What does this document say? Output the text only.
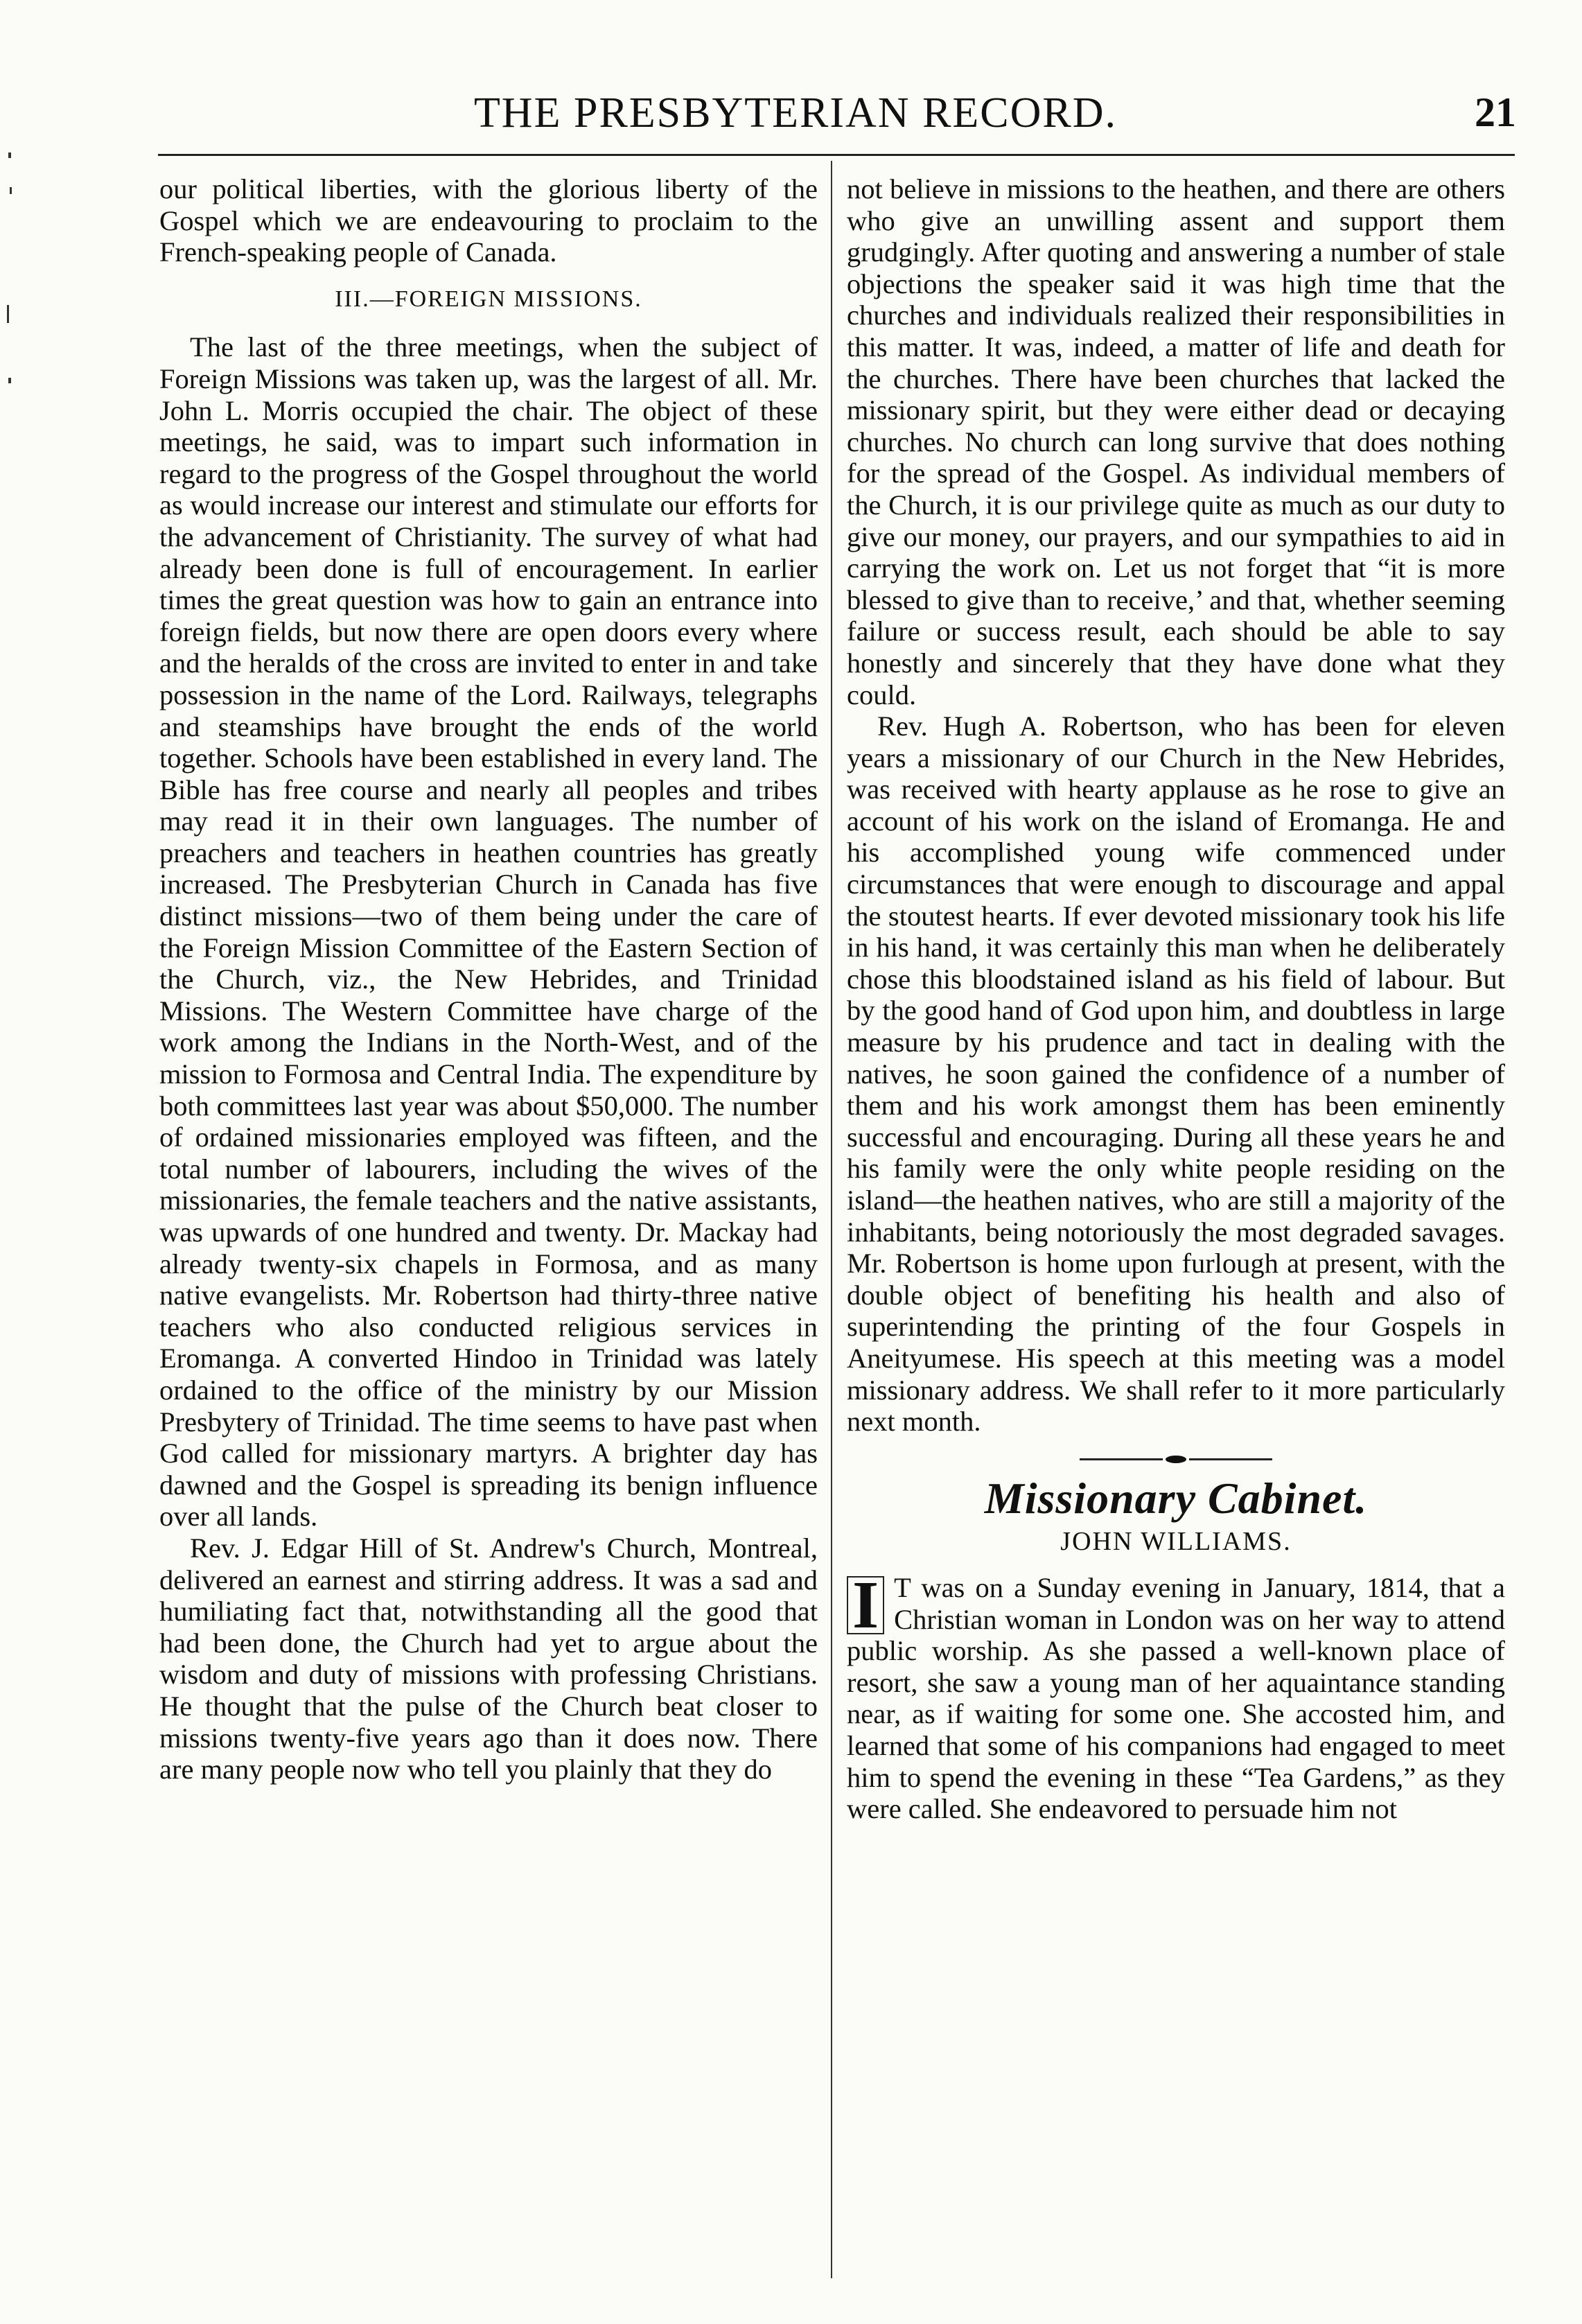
THE PRESBYTERIAN RECORD.	21

our political liberties, with the glorious liberty of the Gospel which we are endeavouring to proclaim to the French-speaking people of Canada.

III.—FOREIGN MISSIONS.

The last of the three meetings, when the subject of Foreign Missions was taken up, was the largest of all. Mr. John L. Morris occupied the chair. The object of these meetings, he said, was to impart such information in regard to the progress of the Gospel throughout the world as would increase our interest and stimulate our efforts for the advancement of Christianity. The survey of what had already been done is full of encouragement. In earlier times the great question was how to gain an entrance into foreign fields, but now there are open doors every where and the heralds of the cross are invited to enter in and take possession in the name of the Lord. Railways, telegraphs and steamships have brought the ends of the world together. Schools have been established in every land. The Bible has free course and nearly all peoples and tribes may read it in their own languages. The number of preachers and teachers in heathen countries has greatly increased. The Presbyterian Church in Canada has five distinct missions—two of them being under the care of the Foreign Mission Committee of the Eastern Section of the Church, viz., the New Hebrides, and Trinidad Missions. The Western Committee have charge of the work among the Indians in the North-West, and of the mission to Formosa and Central India. The expenditure by both committees last year was about $50,000. The number of ordained missionaries employed was fifteen, and the total number of labourers, including the wives of the missionaries, the female teachers and the native assistants, was upwards of one hundred and twenty. Dr. Mackay had already twenty-six chapels in Formosa, and as many native evangelists. Mr. Robertson had thirty-three native teachers who also conducted religious services in Eromanga. A converted Hindoo in Trinidad was lately ordained to the office of the ministry by our Mission Presbytery of Trinidad. The time seems to have past when God called for missionary martyrs. A brighter day has dawned and the Gospel is spreading its benign influence over all lands.

Rev. J. Edgar Hill of St. Andrew's Church, Montreal, delivered an earnest and stirring address. It was a sad and humiliating fact that, notwithstanding all the good that had been done, the Church had yet to argue about the wisdom and duty of missions with professing Christians. He thought that the pulse of the Church beat closer to missions twenty-five years ago than it does now. There are many people now who tell you plainly that they do

not believe in missions to the heathen, and there are others who give an unwilling assent and support them grudgingly. After quoting and answering a number of stale objections the speaker said it was high time that the churches and individuals realized their responsibilities in this matter. It was, indeed, a matter of life and death for the churches. There have been churches that lacked the missionary spirit, but they were either dead or decaying churches. No church can long survive that does nothing for the spread of the Gospel. As individual members of the Church, it is our privilege quite as much as our duty to give our money, our prayers, and our sympathies to aid in carrying the work on. Let us not forget that “it is more blessed to give than to receive,’ and that, whether seeming failure or success result, each should be able to say honestly and sincerely that they have done what they could.

Rev. Hugh A. Robertson, who has been for eleven years a missionary of our Church in the New Hebrides, was received with hearty applause as he rose to give an account of his work on the island of Eromanga. He and his accomplished young wife commenced under circumstances that were enough to discourage and appal the stoutest hearts. If ever devoted missionary took his life in his hand, it was certainly this man when he deliberately chose this bloodstained island as his field of labour. But by the good hand of God upon him, and doubtless in large measure by his prudence and tact in dealing with the natives, he soon gained the confidence of a number of them and his work amongst them has been eminently successful and encouraging. During all these years he and his family were the only white people residing on the island—the heathen natives, who are still a majority of the inhabitants, being notoriously the most degraded savages. Mr. Robertson is home upon furlough at present, with the double object of benefiting his health and also of superintending the printing of the four Gospels in Aneityumese. His speech at this meeting was a model missionary address. We shall refer to it more particularly next month.

Missionary Cabinet.
JOHN WILLIAMS.

I T was on a Sunday evening in January, 1814, that a Christian woman in London was on her way to attend public worship. As she passed a well-known place of resort, she saw a young man of her aquaintance standing near, as if waiting for some one. She accosted him, and learned that some of his companions had engaged to meet him to spend the evening in these “Tea Gardens,” as they were called. She endeavored to persuade him not
